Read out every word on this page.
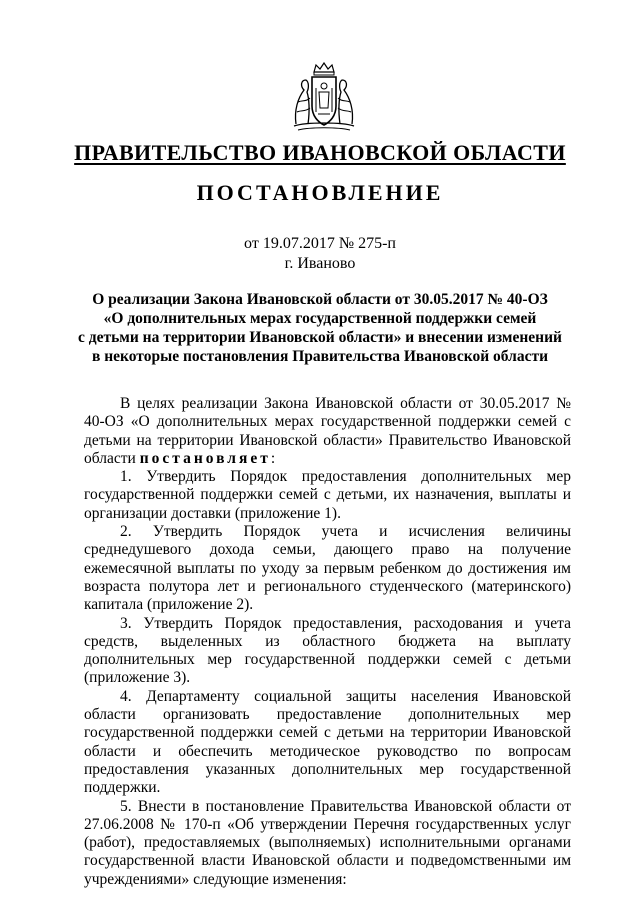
ПРАВИТЕЛЬСТВО ИВАНОВСКОЙ ОБЛАСТИ
ПОСТАНОВЛЕНИЕ
от 19.07.2017 № 275-п
г. Иваново
О реализации Закона Ивановской области от 30.05.2017 № 40-ОЗ
«О дополнительных мерах государственной поддержки семей
с детьми на территории Ивановской области» и внесении изменений
в некоторые постановления Правительства Ивановской области

В целях реализации Закона Ивановской области от 30.05.2017 № 40-ОЗ «О дополнительных мерах государственной поддержки семей с детьми на территории Ивановской области» Правительство Ивановской области постановляет:

1. Утвердить Порядок предоставления дополнительных мер государственной поддержки семей с детьми, их назначения, выплаты и организации доставки (приложение 1).

2. Утвердить Порядок учета и исчисления величины среднедушевого дохода семьи, дающего право на получение ежемесячной выплаты по уходу за первым ребенком до достижения им возраста полутора лет и регионального студенческого (материнского) капитала (приложение 2).

3. Утвердить Порядок предоставления, расходования и учета средств, выделенных из областного бюджета на выплату дополнительных мер государственной поддержки семей с детьми (приложение 3).

4. Департаменту социальной защиты населения Ивановской области организовать предоставление дополнительных мер государственной поддержки семей с детьми на территории Ивановской области и обеспечить методическое руководство по вопросам предоставления указанных дополнительных мер государственной поддержки.

5. Внести в постановление Правительства Ивановской области от 27.06.2008 № 170-п «Об утверждении Перечня государственных услуг (работ), предоставляемых (выполняемых) исполнительными органами государственной власти Ивановской области и подведомственными им учреждениями» следующие изменения:
